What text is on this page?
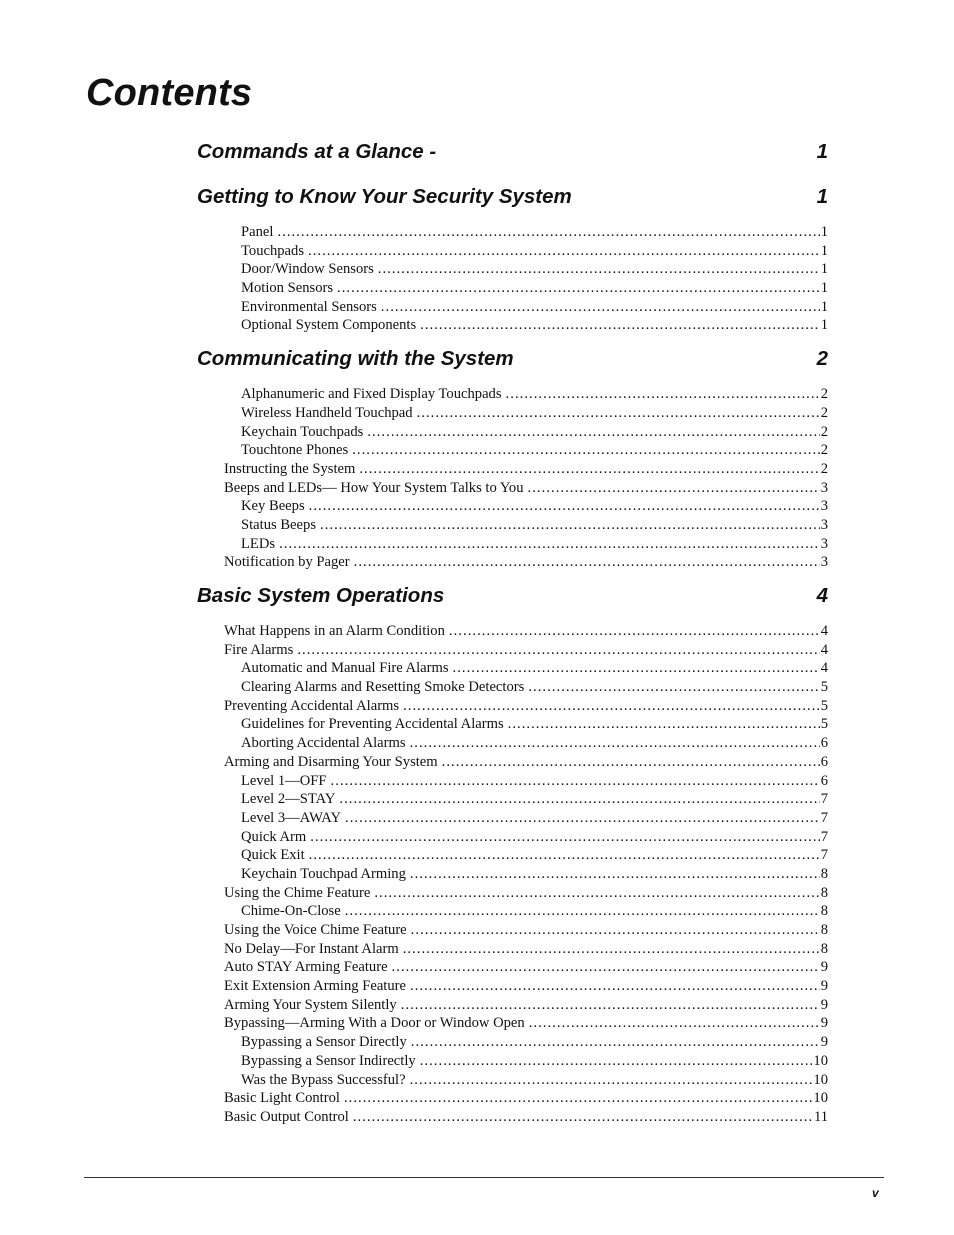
Contents
Commands at a Glance -	1
Getting to Know Your Security System	1
Panel . . .	1
Touchpads . . .	1
Door/Window Sensors . . .	1
Motion Sensors . . .	1
Environmental Sensors . . .	1
Optional System Components . . .	1
Communicating with the System	2
Alphanumeric and Fixed Display Touchpads . . .	2
Wireless Handheld Touchpad . . .	2
Keychain Touchpads . . .	2
Touchtone Phones . . .	2
Instructing the System . . .	2
Beeps and LEDs— How Your System Talks to You . . .	3
Key Beeps . . .	3
Status Beeps . . .	3
LEDs . . .	3
Notification by Pager . . .	3
Basic System Operations	4
What Happens in an Alarm Condition . . .	4
Fire Alarms . . .	4
Automatic and Manual Fire Alarms . . .	4
Clearing Alarms and Resetting Smoke Detectors . . .	5
Preventing Accidental Alarms . . .	5
Guidelines for Preventing Accidental Alarms . . .	5
Aborting Accidental Alarms . . .	6
Arming and Disarming Your System . . .	6
Level 1—OFF . . .	6
Level 2—STAY . . .	7
Level 3—AWAY . . .	7
Quick Arm . . .	7
Quick Exit . . .	7
Keychain Touchpad Arming . . .	8
Using the Chime Feature . . .	8
Chime-On-Close . . .	8
Using the Voice Chime Feature . . .	8
No Delay—For Instant Alarm . . .	8
Auto STAY Arming Feature . . .	9
Exit Extension Arming Feature . . .	9
Arming Your System Silently . . .	9
Bypassing—Arming With a Door or Window Open . . .	9
Bypassing a Sensor Directly . . .	9
Bypassing a Sensor Indirectly . . .	10
Was the Bypass Successful? . . .	10
Basic Light Control . . .	10
Basic Output Control . . .	11
v
